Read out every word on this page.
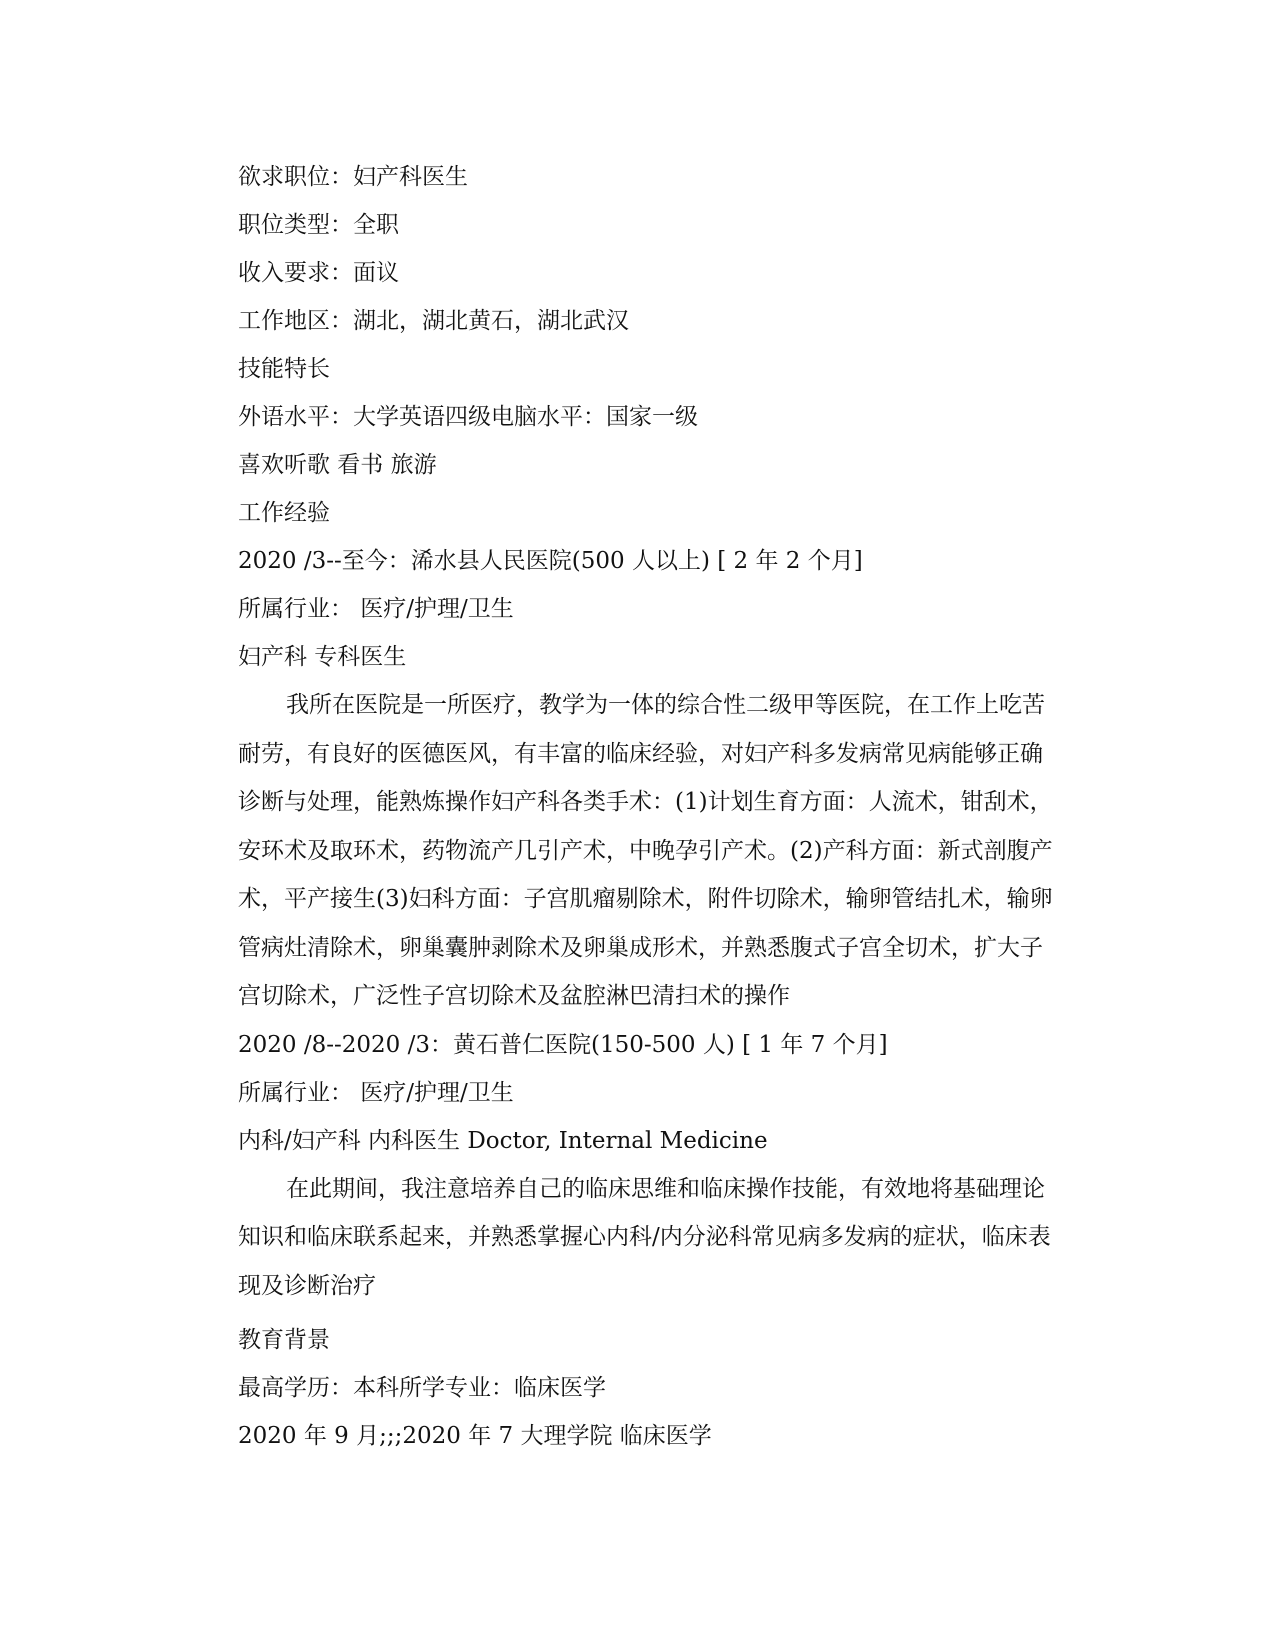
欲求职位：妇产科医生
职位类型：全职
收入要求：面议
工作地区：湖北，湖北黄石，湖北武汉
技能特长
外语水平：大学英语四级电脑水平：国家一级
喜欢听歌 看书 旅游
工作经验
2020 /3--至今：浠水县人民医院(500 人以上) [ 2 年 2 个月]
所属行业： 医疗/护理/卫生
妇产科 专科医生
我所在医院是一所医疗，教学为一体的综合性二级甲等医院，在工作上吃苦
耐劳，有良好的医德医风，有丰富的临床经验，对妇产科多发病常见病能够正确
诊断与处理，能熟炼操作妇产科各类手术：(1)计划生育方面：人流术，钳刮术，
安环术及取环术，药物流产几引产术，中晚孕引产术。(2)产科方面：新式剖腹产
术，平产接生(3)妇科方面：子宫肌瘤剔除术，附件切除术，输卵管结扎术，输卵
管病灶清除术，卵巢囊肿剥除术及卵巢成形术，并熟悉腹式子宫全切术，扩大子
宫切除术，广泛性子宫切除术及盆腔淋巴清扫术的操作
2020 /8--2020 /3：黄石普仁医院(150-500 人) [ 1 年 7 个月]
所属行业： 医疗/护理/卫生
内科/妇产科 内科医生 Doctor, Internal Medicine
在此期间，我注意培养自己的临床思维和临床操作技能，有效地将基础理论
知识和临床联系起来，并熟悉掌握心内科/内分泌科常见病多发病的症状，临床表
现及诊断治疗
教育背景
最高学历：本科所学专业：临床医学
2020 年 9 月;;;2020 年 7 大理学院 临床医学
